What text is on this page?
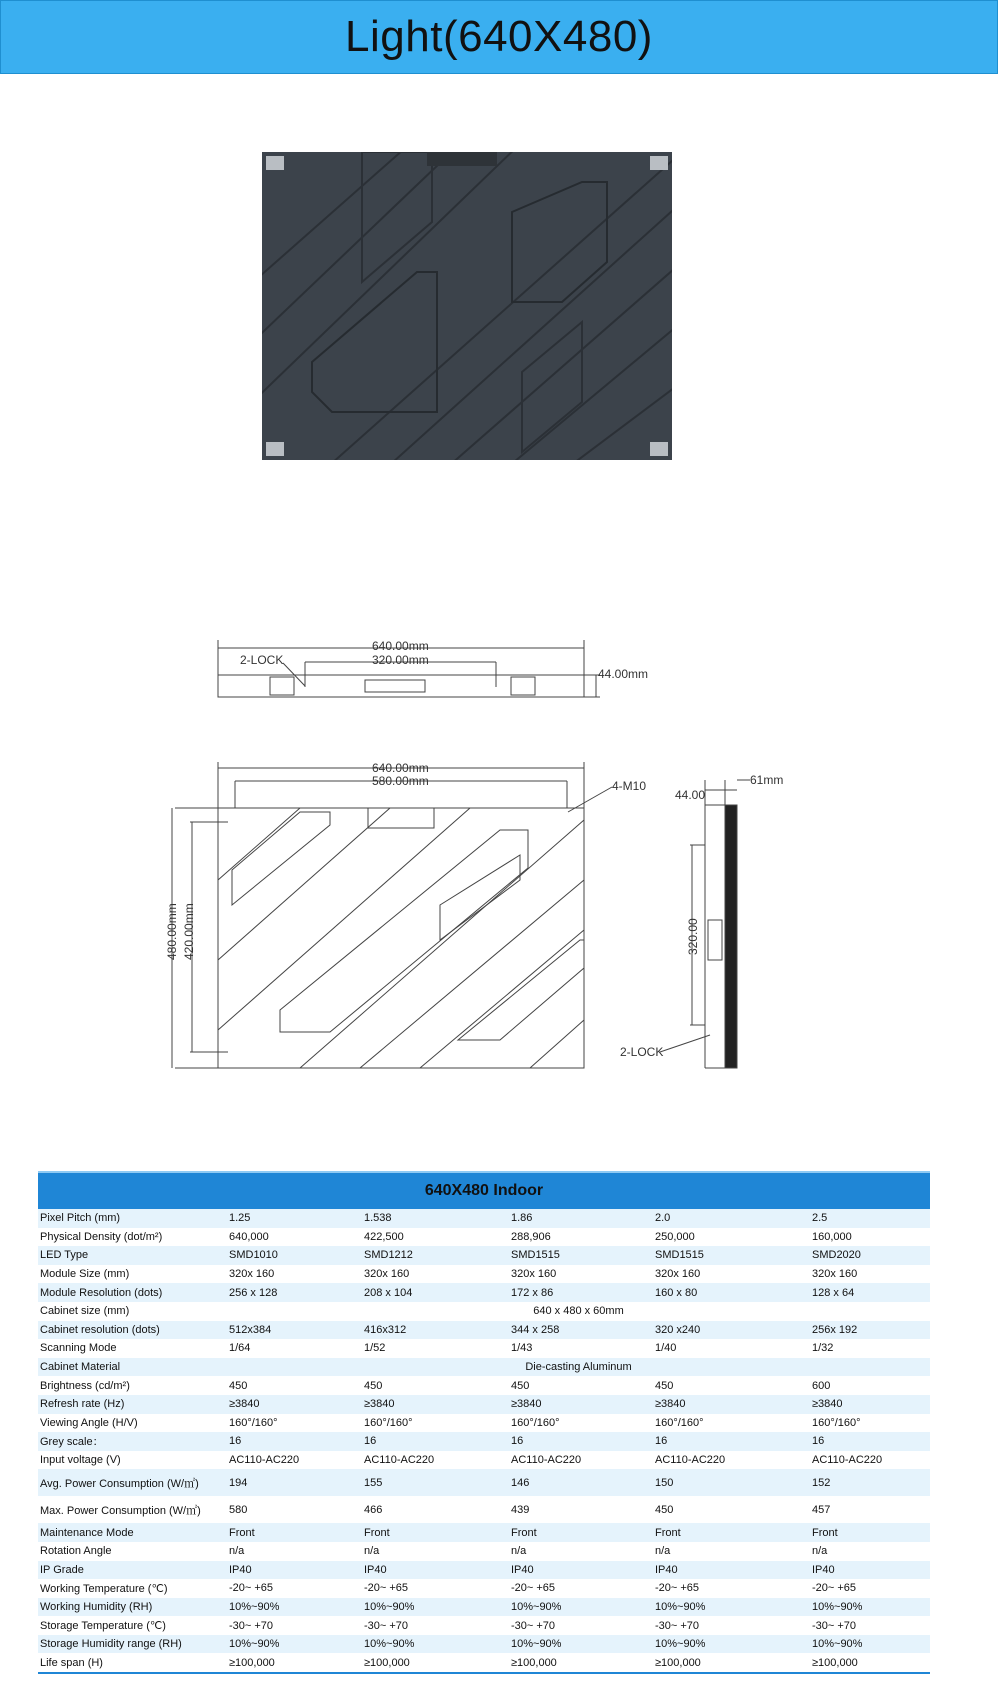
Light(640X480)
640.00mm
320.00mm
2-LOCK
44.00mm
640.00mm
580.00mm	4-M10
480.00mm 420.00mm
44.00
61mm
320.00
2-LOCK
640X480 Indoor					
Pixel Pitch (mm)	1.25	1.538	1.86	2.0	2.5
Physical Density (dot/m²)	640,000	422,500	288,906	250,000	160,000
LED Type	SMD1010	SMD1212	SMD1515	SMD1515	SMD2020
Module Size (mm)	320x 160	320x 160	320x 160	320x 160	320x 160
Module Resolution (dots)	256 x 128	208 x 104	172 x 86	160 x 80	128 x 64
Cabinet size (mm)	640 x 480 x 60mm				
Cabinet resolution (dots)	512x384	416x312	344 x 258	320 x240	256x 192
Scanning Mode	1/64	1/52	1/43	1/40	1/32
Cabinet Material	Die-casting Aluminum				
Brightness (cd/m²)	450	450	450	450	600
Refresh rate (Hz)	≥3840	≥3840	≥3840	≥3840	≥3840
Viewing Angle (H/V)	160°/160°	160°/160°	160°/160°	160°/160°	160°/160°
Grey scale：	16	16	16	16	16
Input voltage (V)	AC110-AC220	AC110-AC220	AC110-AC220	AC110-AC220	AC110-AC220
Avg. Power Consumption (W/㎡)	194	155	146	150	152
Max. Power Consumption (W/㎡)	580	466	439	450	457
Maintenance Mode	Front	Front	Front	Front	Front
Rotation Angle	n/a	n/a	n/a	n/a	n/a
IP Grade	IP40	IP40	IP40	IP40	IP40
Working Temperature (℃)	-20~ +65	-20~ +65	-20~ +65	-20~ +65	-20~ +65
Working Humidity (RH)	10%~90%	10%~90%	10%~90%	10%~90%	10%~90%
Storage Temperature (℃)	-30~ +70	-30~ +70	-30~ +70	-30~ +70	-30~ +70
Storage Humidity range (RH)	10%~90%	10%~90%	10%~90%	10%~90%	10%~90%
Life span (H)	≥100,000	≥100,000	≥100,000	≥100,000	≥100,000
